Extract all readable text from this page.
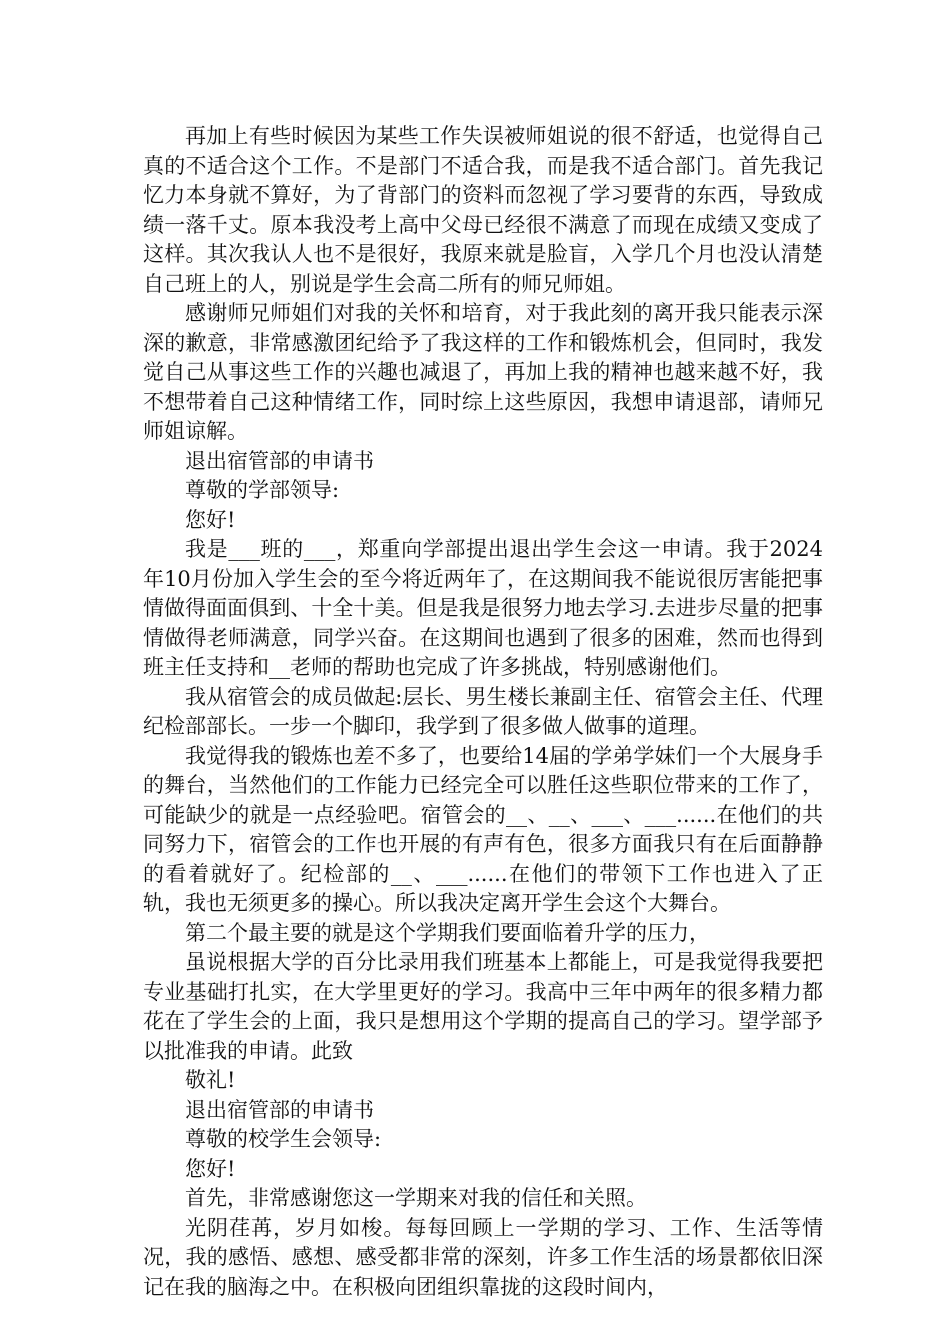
再加上有些时候因为某些工作失误被师姐说的很不舒适，也觉得自己真的不适合这个工作。不是部门不适合我，而是我不适合部门。首先我记忆力本身就不算好，为了背部门的资料而忽视了学习要背的东西，导致成绩一落千丈。原本我没考上高中父母已经很不满意了而现在成绩又变成了这样。其次我认人也不是很好，我原来就是脸盲，入学几个月也没认清楚自己班上的人，别说是学生会高二所有的师兄师姐。

感谢师兄师姐们对我的关怀和培育，对于我此刻的离开我只能表示深深的歉意，非常感激团纪给予了我这样的工作和锻炼机会，但同时，我发觉自己从事这些工作的兴趣也减退了，再加上我的精神也越来越不好，我不想带着自己这种情绪工作，同时综上这些原因，我想申请退部，请师兄师姐谅解。

退出宿管部的申请书

尊敬的学部领导:

您好!

我是___班的___，郑重向学部提出退出学生会这一申请。我于2024年10月份加入学生会的至今将近两年了，在这期间我不能说很厉害能把事情做得面面俱到、十全十美。但是我是很努力地去学习.去进步尽量的把事情做得老师满意，同学兴奋。在这期间也遇到了很多的困难，然而也得到班主任支持和__老师的帮助也完成了许多挑战，特别感谢他们。

我从宿管会的成员做起:层长、男生楼长兼副主任、宿管会主任、代理纪检部部长。一步一个脚印，我学到了很多做人做事的道理。

我觉得我的锻炼也差不多了，也要给14届的学弟学妹们一个大展身手的舞台，当然他们的工作能力已经完全可以胜任这些职位带来的工作了，可能缺少的就是一点经验吧。宿管会的__、__、___、___......在他们的共同努力下，宿管会的工作也开展的有声有色，很多方面我只有在后面静静的看着就好了。纪检部的__、___......在他们的带领下工作也进入了正轨，我也无须更多的操心。所以我决定离开学生会这个大舞台。

第二个最主要的就是这个学期我们要面临着升学的压力，

虽说根据大学的百分比录用我们班基本上都能上，可是我觉得我要把专业基础打扎实，在大学里更好的学习。我高中三年中两年的很多精力都花在了学生会的上面，我只是想用这个学期的提高自己的学习。望学部予以批准我的申请。此致

敬礼!

退出宿管部的申请书

尊敬的校学生会领导:

您好!

首先，非常感谢您这一学期来对我的信任和关照。

光阴荏苒，岁月如梭。每每回顾上一学期的学习、工作、生活等情况，我的感悟、感想、感受都非常的深刻，许多工作生活的场景都依旧深记在我的脑海之中。在积极向团组织靠拢的这段时间内，
